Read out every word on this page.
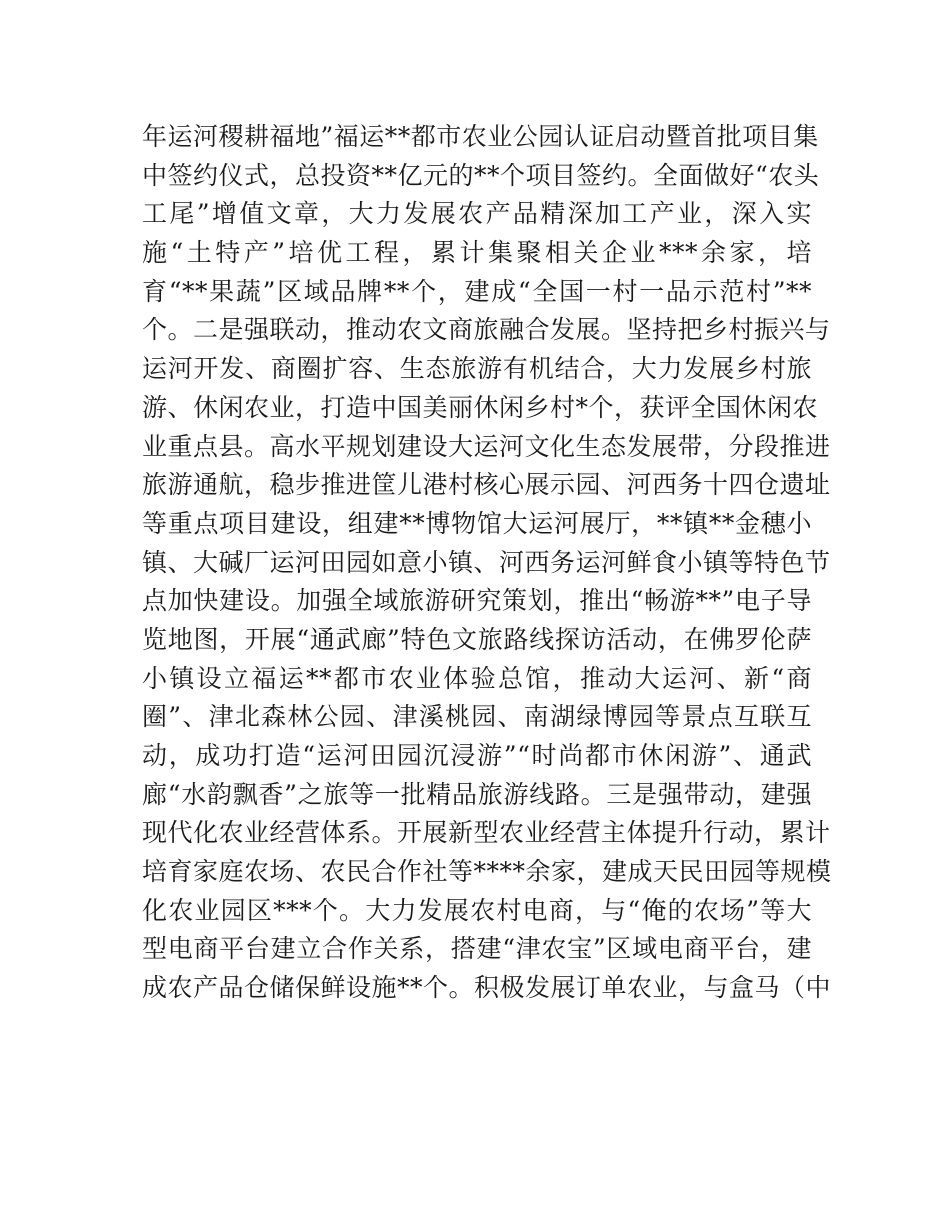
年运河稷耕福地”福运**都市农业公园认证启动暨首批项目集
中签约仪式，总投资**亿元的**个项目签约。全面做好“农头
工尾”增值文章，大力发展农产品精深加工产业，深入实
施“土特产”培优工程，累计集聚相关企业***余家，培
育“**果蔬”区域品牌**个，建成“全国一村一品示范村”**
个。二是强联动，推动农文商旅融合发展。坚持把乡村振兴与
运河开发、商圈扩容、生态旅游有机结合，大力发展乡村旅
游、休闲农业，打造中国美丽休闲乡村*个，获评全国休闲农
业重点县。高水平规划建设大运河文化生态发展带，分段推进
旅游通航，稳步推进筐儿港村核心展示园、河西务十四仓遗址
等重点项目建设，组建**博物馆大运河展厅，**镇**金穗小
镇、大碱厂运河田园如意小镇、河西务运河鲜食小镇等特色节
点加快建设。加强全域旅游研究策划，推出“畅游**”电子导
览地图，开展“通武廊”特色文旅路线探访活动，在佛罗伦萨
小镇设立福运**都市农业体验总馆，推动大运河、新“商
圈”、津北森林公园、津溪桃园、南湖绿博园等景点互联互
动，成功打造“运河田园沉浸游”“时尚都市休闲游”、通武
廊“水韵飘香”之旅等一批精品旅游线路。三是强带动，建强
现代化农业经营体系。开展新型农业经营主体提升行动，累计
培育家庭农场、农民合作社等****余家，建成天民田园等规模
化农业园区***个。大力发展农村电商，与“俺的农场”等大
型电商平台建立合作关系，搭建“津农宝”区域电商平台，建
成农产品仓储保鲜设施**个。积极发展订单农业，与盒马（中
